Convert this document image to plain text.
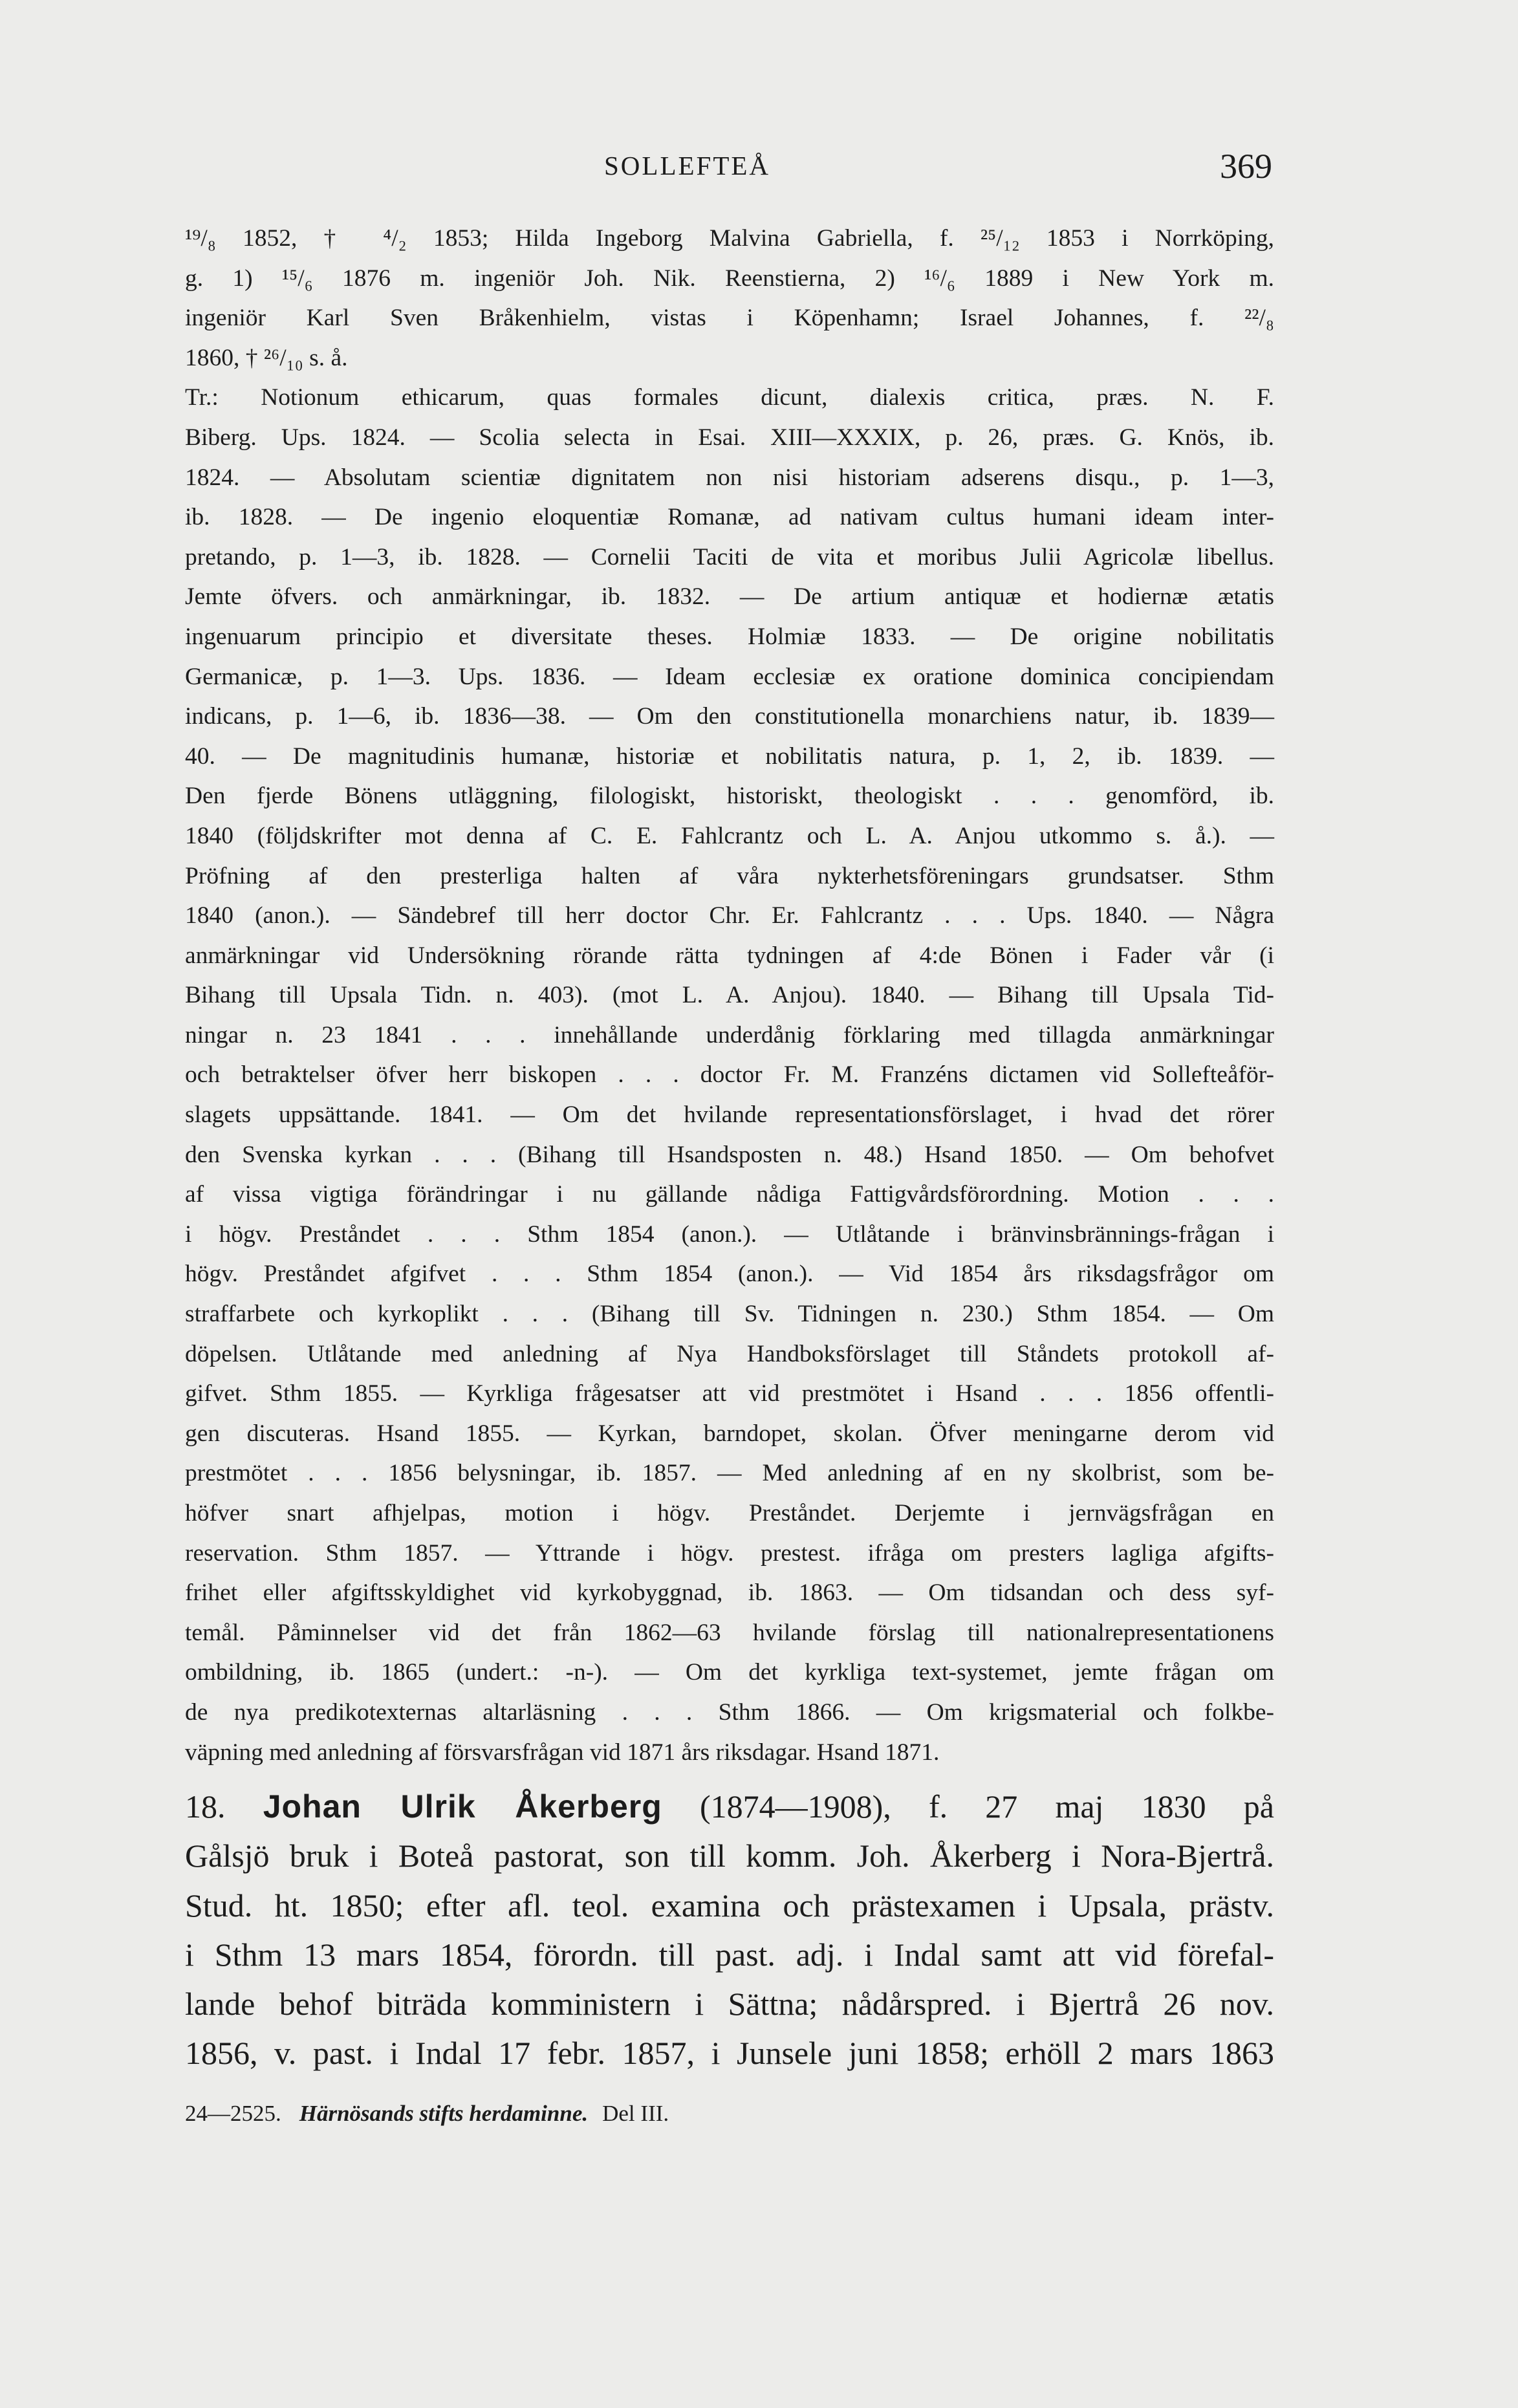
SOLLEFTEÅ	369
¹⁹/₈ 1852, † ⁴/₂ 1853; Hilda Ingeborg Malvina Gabriella, f. ²⁵/₁₂ 1853 i Norrköping,
g. 1) ¹⁵/₆ 1876 m. ingeniör Joh. Nik. Reenstierna, 2) ¹⁶/₆ 1889 i New York m.
ingeniör Karl Sven Bråkenhielm, vistas i Köpenhamn; Israel Johannes, f. ²²/₈
1860, † ²⁶/₁₀ s. å.
Tr.: Notionum ethicarum, quas formales dicunt, dialexis critica, præs. N. F.
Biberg. Ups. 1824. — Scolia selecta in Esai. XIII—XXXIX, p. 26, præs. G. Knös, ib.
1824. — Absolutam scientiæ dignitatem non nisi historiam adserens disqu., p. 1—3,
ib. 1828. — De ingenio eloquentiæ Romanæ, ad nativam cultus humani ideam inter-
pretando, p. 1—3, ib. 1828. — Cornelii Taciti de vita et moribus Julii Agricolæ libellus.
Jemte öfvers. och anmärkningar, ib. 1832. — De artium antiquæ et hodiernæ ætatis
ingenuarum principio et diversitate theses. Holmiæ 1833. — De origine nobilitatis
Germanicæ, p. 1—3. Ups. 1836. — Ideam ecclesiæ ex oratione dominica concipiendam
indicans, p. 1—6, ib. 1836—38. — Om den constitutionella monarchiens natur, ib. 1839—
40. — De magnitudinis humanæ, historiæ et nobilitatis natura, p. 1, 2, ib. 1839. —
Den fjerde Bönens utläggning, filologiskt, historiskt, theologiskt . . . genomförd, ib.
1840 (följdskrifter mot denna af C. E. Fahlcrantz och L. A. Anjou utkommo s. å.). —
Pröfning af den presterliga halten af våra nykterhetsföreningars grundsatser. Sthm
1840 (anon.). — Sändebref till herr doctor Chr. Er. Fahlcrantz . . . Ups. 1840. — Några
anmärkningar vid Undersökning rörande rätta tydningen af 4:de Bönen i Fader vår (i
Bihang till Upsala Tidn. n. 403). (mot L. A. Anjou). 1840. — Bihang till Upsala Tid-
ningar n. 23 1841 . . . innehållande underdånig förklaring med tillagda anmärkningar
och betraktelser öfver herr biskopen . . . doctor Fr. M. Franzéns dictamen vid Sollefteåför-
slagets uppsättande. 1841. — Om det hvilande representationsförslaget, i hvad det rörer
den Svenska kyrkan . . . (Bihang till Hsandsposten n. 48.) Hsand 1850. — Om behofvet
af vissa vigtiga förändringar i nu gällande nådiga Fattigvårdsförordning. Motion . . .
i högv. Preståndet . . . Sthm 1854 (anon.). — Utlåtande i bränvinsbrännings-frågan i
högv. Preståndet afgifvet . . . Sthm 1854 (anon.). — Vid 1854 års riksdagsfrågor om
straffarbete och kyrkoplikt . . . (Bihang till Sv. Tidningen n. 230.) Sthm 1854. — Om
döpelsen. Utlåtande med anledning af Nya Handboksförslaget till Ståndets protokoll af-
gifvet. Sthm 1855. — Kyrkliga frågesatser att vid prestmötet i Hsand . . . 1856 offentli-
gen discuteras. Hsand 1855. — Kyrkan, barndopet, skolan. Öfver meningarne derom vid
prestmötet . . . 1856 belysningar, ib. 1857. — Med anledning af en ny skolbrist, som be-
höfver snart afhjelpas, motion i högv. Preståndet. Derjemte i jernvägsfrågan en
reservation. Sthm 1857. — Yttrande i högv. prestest. ifråga om presters lagliga afgifts-
frihet eller afgiftsskyldighet vid kyrkobyggnad, ib. 1863. — Om tidsandan och dess syf-
temål. Påminnelser vid det från 1862—63 hvilande förslag till nationalrepresentationens
ombildning, ib. 1865 (undert.: -n-). — Om det kyrkliga text-systemet, jemte frågan om
de nya predikotexternas altarläsning . . . Sthm 1866. — Om krigsmaterial och folkbe-
väpning med anledning af försvarsfrågan vid 1871 års riksdagar. Hsand 1871.
18. Johan Ulrik Åkerberg (1874—1908), f. 27 maj 1830 på
Gålsjö bruk i Boteå pastorat, son till komm. Joh. Åkerberg i Nora-Bjertrå.
Stud. ht. 1850; efter afl. teol. examina och prästexamen i Upsala, prästv.
i Sthm 13 mars 1854, förordn. till past. adj. i Indal samt att vid förefal-
lande behof biträda komministern i Sättna; nådårspred. i Bjertrå 26 nov.
1856, v. past. i Indal 17 febr. 1857, i Junsele juni 1858; erhöll 2 mars 1863
24—2525. Härnösands stifts herdaminne. Del III.
